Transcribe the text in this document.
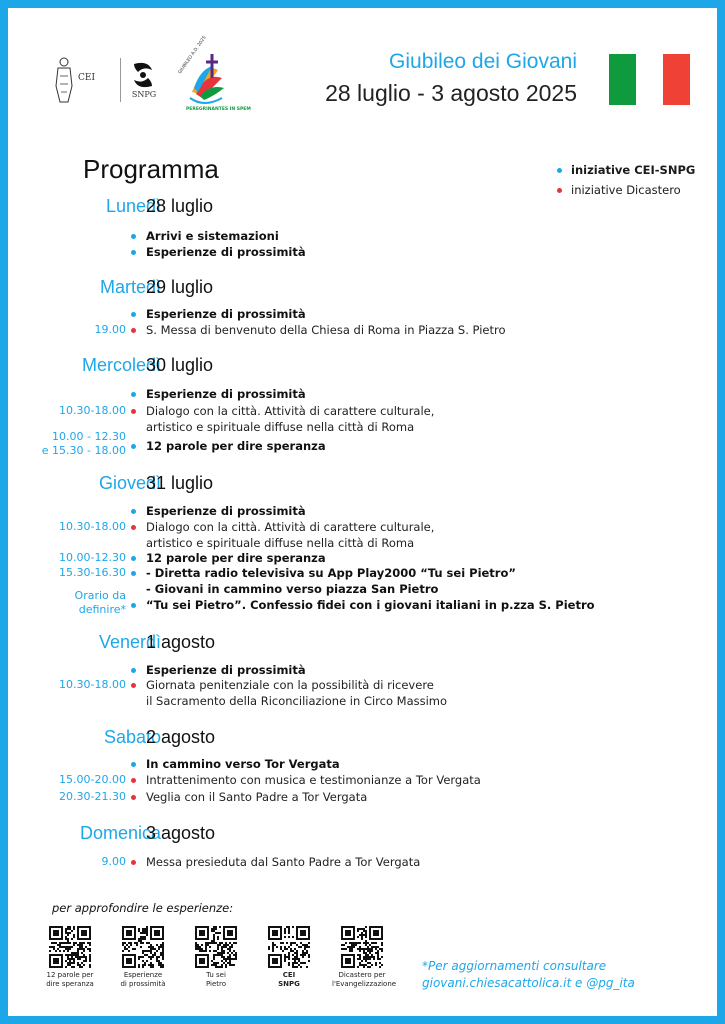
CEI
SNPG
GIUBILEO A.D. 2025
PEREGRINANTES IN SPEM
Giubileo dei Giovani
28 luglio - 3 agosto 2025
Programma	iniziative CEI-SNPG
iniziative Dicastero
Lunedì
28 luglio
Arrivi e sistemazioni
Esperienze di prossimità
Martedì
29 luglio
Esperienze di prossimità
19.00 S. Messa di benvenuto della Chiesa di Roma in Piazza S. Pietro
Mercoledì
30 luglio
Esperienze di prossimità
10.30-18.00 Dialogo con la città. Attività di carattere culturale,
artistico e spirituale diffuse nella città di Roma
10.00 - 12.30
e 15.30 - 18.00 12 parole per dire speranza
Giovedì
31 luglio
Esperienze di prossimità
10.30-18.00 Dialogo con la città. Attività di carattere culturale,
artistico e spirituale diffuse nella città di Roma
10.00-12.30 12 parole per dire speranza
15.30-16.30 - Diretta radio televisiva su App Play2000 “Tu sei Pietro”
- Giovani in cammino verso piazza San Pietro
Orario da
definire* “Tu sei Pietro”. Confessio fidei con i giovani italiani in p.zza S. Pietro
Venerdì
1 agosto
Esperienze di prossimità
10.30-18.00 Giornata penitenziale con la possibilità di ricevere
il Sacramento della Riconciliazione in Circo Massimo
Sabato
2 agosto
In cammino verso Tor Vergata
15.00-20.00 Intrattenimento con musica e testimonianze a Tor Vergata
20.30-21.30 Veglia con il Santo Padre a Tor Vergata
Domenica
3 agosto
9.00 Messa presieduta dal Santo Padre a Tor Vergata
per approfondire le esperienze:
12 parole per
dire speranza
Esperienze
di prossimità
Tu sei
Pietro
CEI
SNPG
Dicastero per
l'Evangelizzazione
*Per aggiornamenti consultare
giovani.chiesacattolica.it e @pg_ita
